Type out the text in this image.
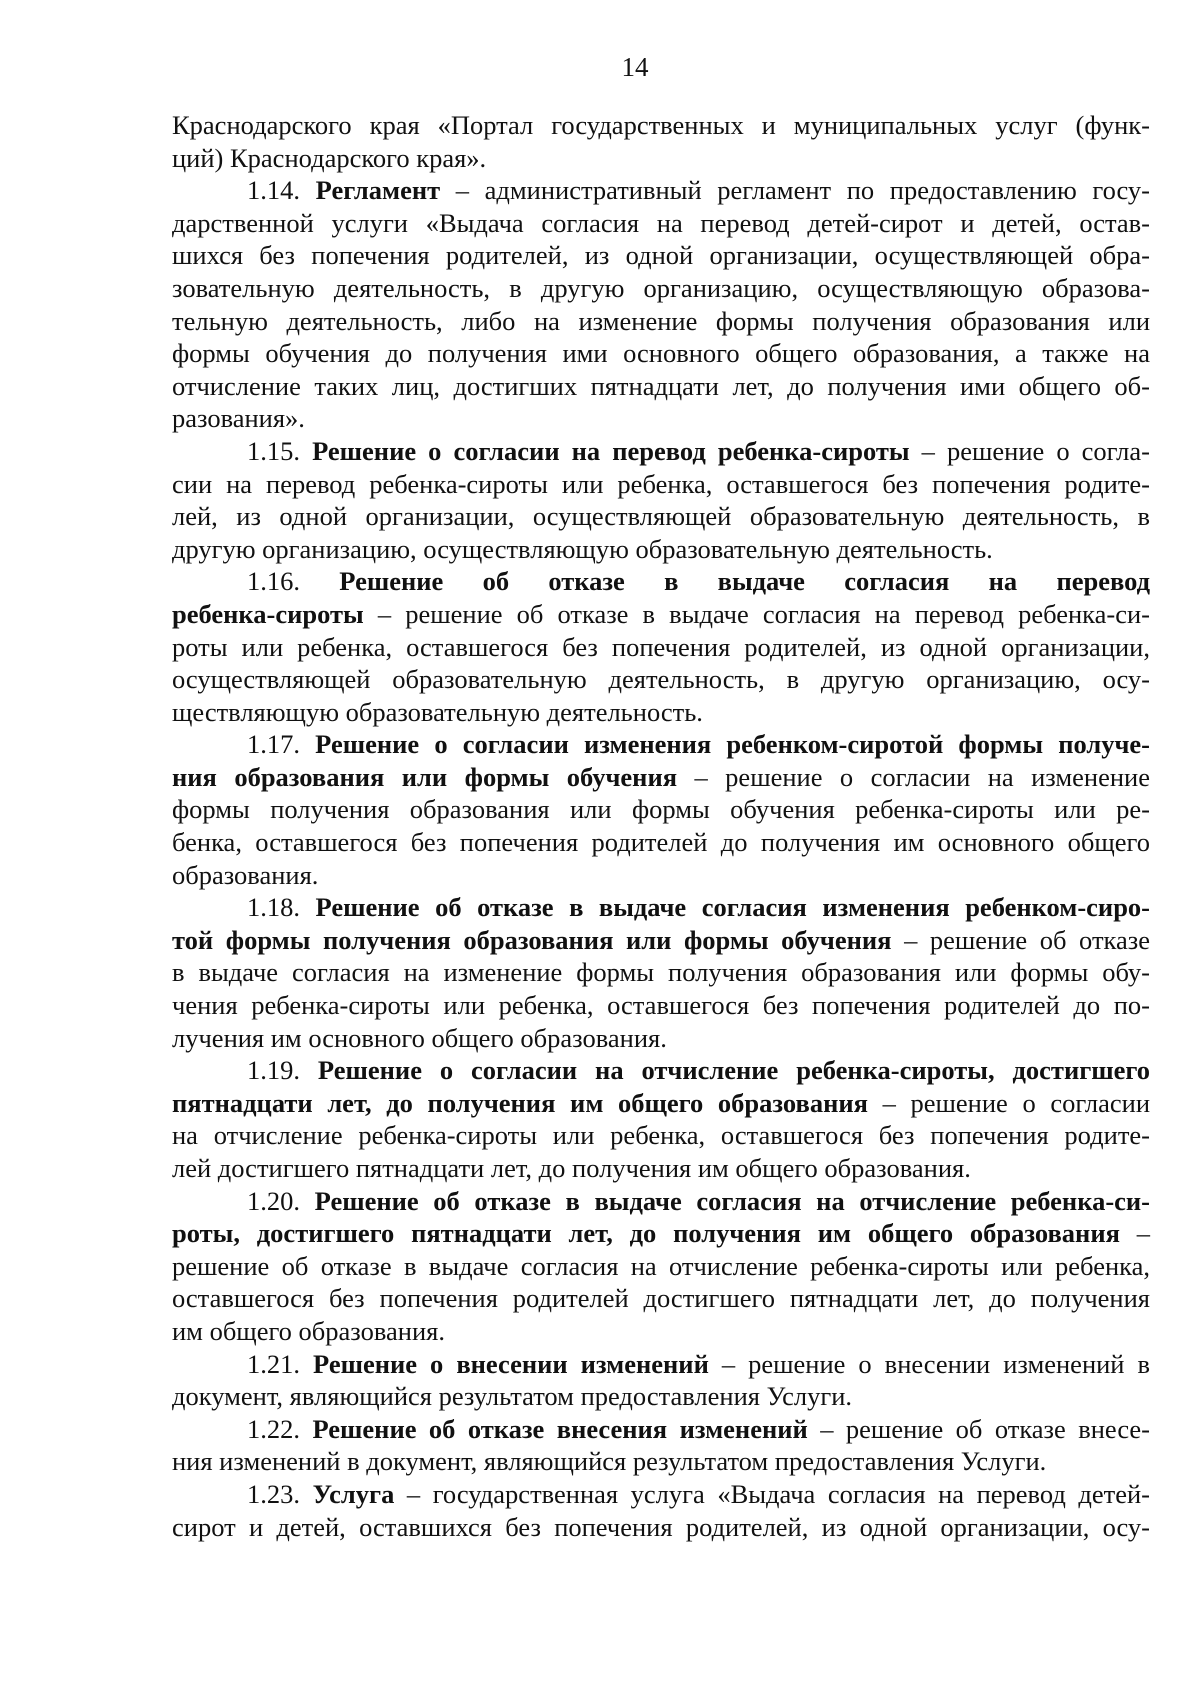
14
Краснодарского края «Портал государственных и муниципальных услуг (функ-
ций) Краснодарского края».
1.14. Регламент – административный регламент по предоставлению госу-
дарственной услуги «Выдача согласия на перевод детей-сирот и детей, остав-
шихся без попечения родителей, из одной организации, осуществляющей обра-
зовательную деятельность, в другую организацию, осуществляющую образова-
тельную деятельность, либо на изменение формы получения образования или
формы обучения до получения ими основного общего образования, а также на
отчисление таких лиц, достигших пятнадцати лет, до получения ими общего об-
разования».
1.15. Решение о согласии на перевод ребенка-сироты – решение о согла-
сии на перевод ребенка-сироты или ребенка, оставшегося без попечения родите-
лей, из одной организации, осуществляющей образовательную деятельность, в
другую организацию, осуществляющую образовательную деятельность.
1.16. Решение об отказе в выдаче согласия на перевод
ребенка-сироты – решение об отказе в выдаче согласия на перевод ребенка-си-
роты или ребенка, оставшегося без попечения родителей, из одной организации,
осуществляющей образовательную деятельность, в другую организацию, осу-
ществляющую образовательную деятельность.
1.17. Решение о согласии изменения ребенком-сиротой формы получе-
ния образования или формы обучения – решение о согласии на изменение
формы получения образования или формы обучения ребенка-сироты или ре-
бенка, оставшегося без попечения родителей до получения им основного общего
образования.
1.18. Решение об отказе в выдаче согласия изменения ребенком-сиро-
той формы получения образования или формы обучения – решение об отказе
в выдаче согласия на изменение формы получения образования или формы обу-
чения ребенка-сироты или ребенка, оставшегося без попечения родителей до по-
лучения им основного общего образования.
1.19. Решение о согласии на отчисление ребенка-сироты, достигшего
пятнадцати лет, до получения им общего образования – решение о согласии
на отчисление ребенка-сироты или ребенка, оставшегося без попечения родите-
лей достигшего пятнадцати лет, до получения им общего образования.
1.20. Решение об отказе в выдаче согласия на отчисление ребенка-си-
роты, достигшего пятнадцати лет, до получения им общего образования –
решение об отказе в выдаче согласия на отчисление ребенка-сироты или ребенка,
оставшегося без попечения родителей достигшего пятнадцати лет, до получения
им общего образования.
1.21. Решение о внесении изменений – решение о внесении изменений в
документ, являющийся результатом предоставления Услуги.
1.22. Решение об отказе внесения изменений – решение об отказе внесе-
ния изменений в документ, являющийся результатом предоставления Услуги.
1.23. Услуга – государственная услуга «Выдача согласия на перевод детей-
сирот и детей, оставшихся без попечения родителей, из одной организации, осу-
